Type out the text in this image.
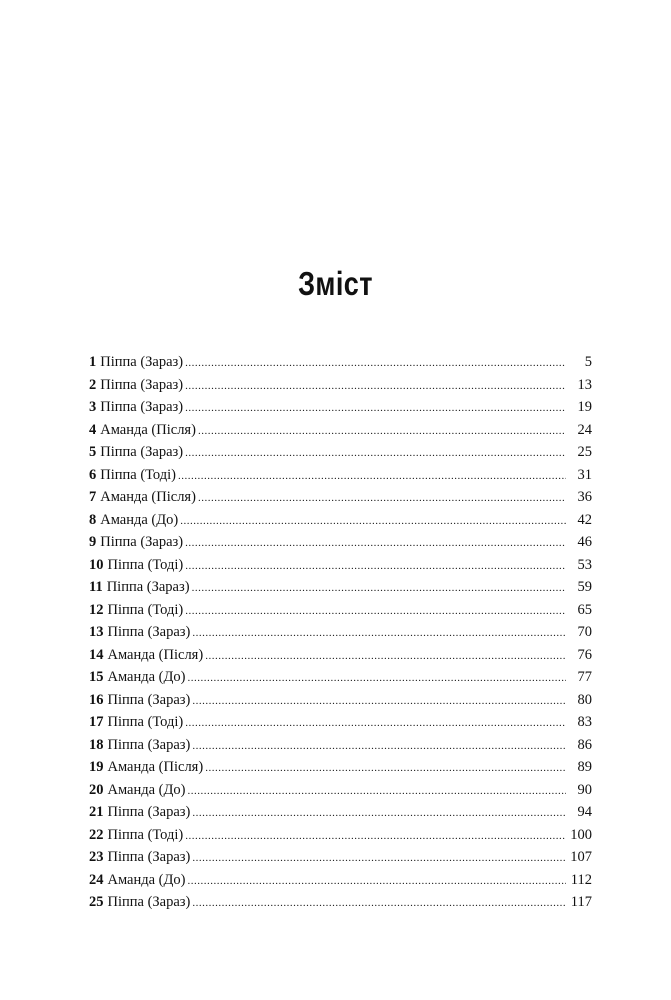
Зміст
1 Піппа (Зараз) .....	5
2 Піппа (Зараз) .....	13
3 Піппа (Зараз) .....	19
4 Аманда (Після) .....	24
5 Піппа (Зараз) .....	25
6 Піппа (Тоді) .....	31
7 Аманда (Після) .....	36
8 Аманда (До) .....	42
9 Піппа (Зараз) .....	46
10 Піппа (Тоді) .....	53
11 Піппа (Зараз) .....	59
12 Піппа (Тоді) .....	65
13 Піппа (Зараз) .....	70
14 Аманда (Після) .....	76
15 Аманда (До) .....	77
16 Піппа (Зараз) .....	80
17 Піппа (Тоді) .....	83
18 Піппа (Зараз) .....	86
19 Аманда (Після) .....	89
20 Аманда (До) .....	90
21 Піппа (Зараз) .....	94
22 Піппа (Тоді) .....	100
23 Піппа (Зараз) .....	107
24 Аманда (До) .....	112
25 Піппа (Зараз) .....	117
